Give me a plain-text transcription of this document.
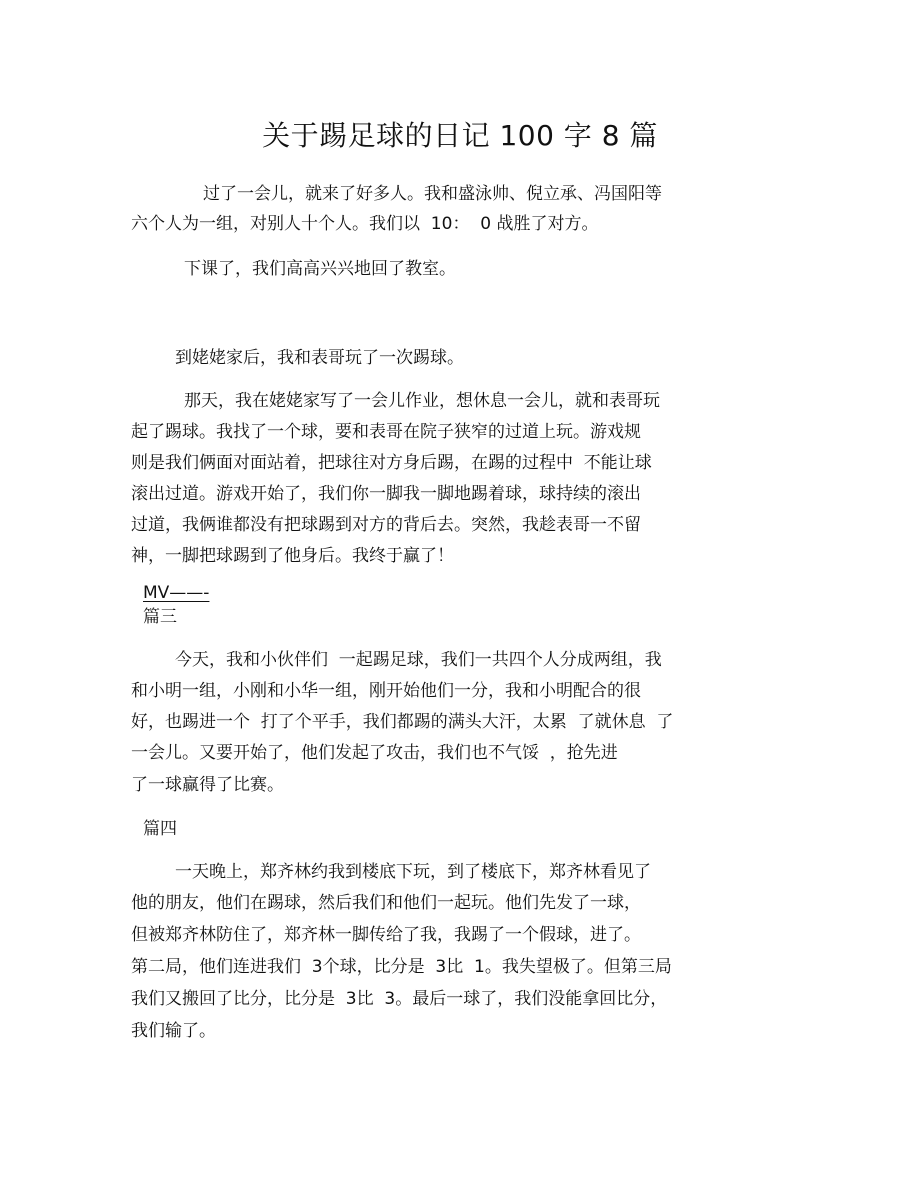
关于踢足球的日记 100 字 8 篇
过了一会儿，就来了好多人。我和盛泳帅、倪立承、冯国阳等
六个人为一组，对别人十个人。我们以  10：  0 战胜了对方。
下课了，我们高高兴兴地回了教室。
到姥姥家后，我和表哥玩了一次踢球。
那天，我在姥姥家写了一会儿作业，想休息一会儿，就和表哥玩
起了踢球。我找了一个球，要和表哥在院子狭窄的过道上玩。游戏规
则是我们俩面对面站着，把球往对方身后踢，在踢的过程中  不能让球
滚出过道。游戏开始了，我们你一脚我一脚地踢着球，球持续的滚出
过道，我俩谁都没有把球踢到对方的背后去。突然，我趁表哥一不留
神，一脚把球踢到了他身后。我终于赢了！
MV——-
篇三
今天，我和小伙伴们  一起踢足球，我们一共四个人分成两组，我
和小明一组，小刚和小华一组，刚开始他们一分，我和小明配合的很
好，也踢进一个  打了个平手，我们都踢的满头大汗，太累  了就休息  了
一会儿。又要开始了，他们发起了攻击，我们也不气馁  ，抢先进
了一球赢得了比赛。
篇四
一天晚上，郑齐林约我到楼底下玩，到了楼底下，郑齐林看见了
他的朋友，他们在踢球，然后我们和他们一起玩。他们先发了一球，
但被郑齐林防住了，郑齐林一脚传给了我，我踢了一个假球，进了。
第二局，他们连进我们  3个球，比分是  3比  1。我失望极了。但第三局
我们又搬回了比分，比分是  3比  3。最后一球了，我们没能拿回比分，
我们输了。
